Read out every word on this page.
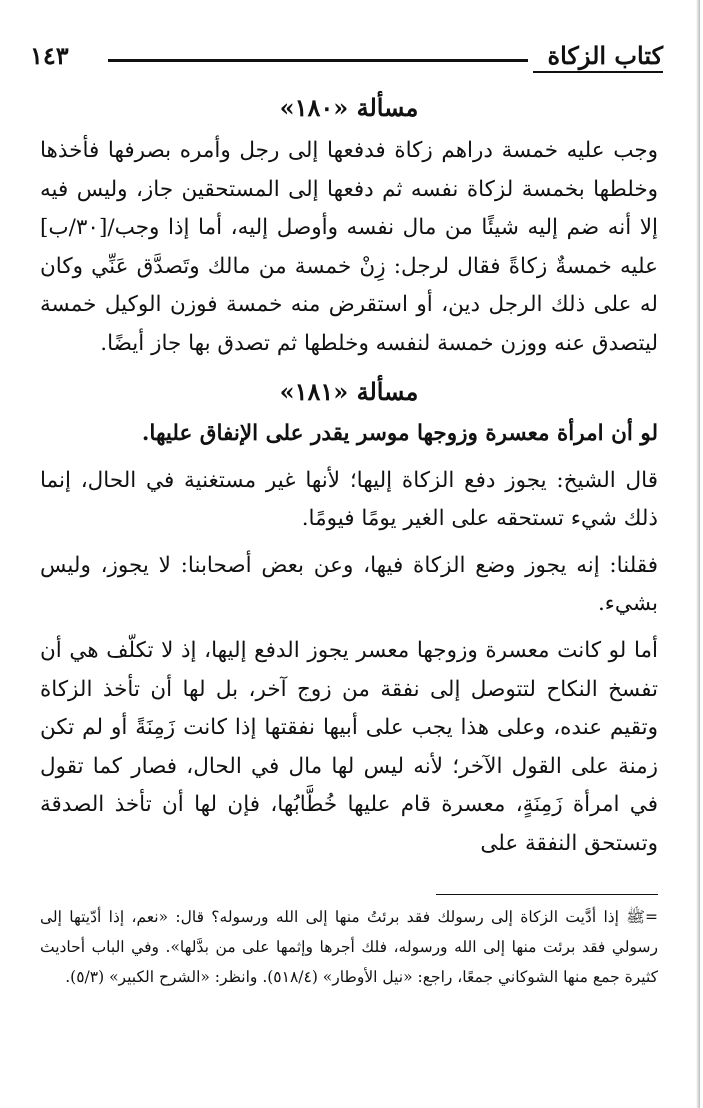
١٤٣	كتاب الزكاة
مسألة «١٨٠»

وجب عليه خمسة دراهم زكاة فدفعها إلى رجل وأمره بصرفها فأخذها وخلطها بخمسة لزكاة نفسه ثم دفعها إلى المستحقين جاز، وليس فيه إلا أنه ضم إليه شيئًا من مال نفسه وأوصل إليه، أما إذا وجب/[٣٠/ب] عليه خمسةٌ زكاةً فقال لرجل: زِنْ خمسة من مالك وتَصدَّق عَنِّي وكان له على ذلك الرجل دين، أو استقرض منه خمسة فوزن الوكيل خمسة ليتصدق عنه ووزن خمسة لنفسه وخلطها ثم تصدق بها جاز أيضًا.

مسألة «١٨١»

لو أن امرأة معسرة وزوجها موسر يقدر على الإنفاق عليها.

قال الشيخ: يجوز دفع الزكاة إليها؛ لأنها غير مستغنية في الحال، إنما ذلك شيء تستحقه على الغير يومًا فيومًا.

فقلنا: إنه يجوز وضع الزكاة فيها، وعن بعض أصحابنا: لا يجوز، وليس بشيء.

أما لو كانت معسرة وزوجها معسر يجوز الدفع إليها، إذ لا تكلّف هي أن تفسخ النكاح لتتوصل إلى نفقة من زوج آخر، بل لها أن تأخذ الزكاة وتقيم عنده، وعلى هذا يجب على أبيها نفقتها إذا كانت زَمِنَةً أو لم تكن زمنة على القول الآخر؛ لأنه ليس لها مال في الحال، فصار كما تقول في امرأة زَمِنَةٍ، معسرة قام عليها خُطَّابُها، فإن لها أن تأخذ الصدقة وتستحق النفقة على

=ﷺ إذا أدَّيت الزكاة إلى رسولك فقد برئتُ منها إلى الله ورسوله؟ قال: «نعم، إذا أدّيتها إلى رسولي فقد برئت منها إلى الله ورسوله، فلك أجرها وإثمها على من بدَّلها». وفي الباب أحاديث كثيرة جمع منها الشوكاني جمعًا، راجع: «نيل الأوطار» (٥١٨/٤). وانظر: «الشرح الكبير» (٥/٣).
